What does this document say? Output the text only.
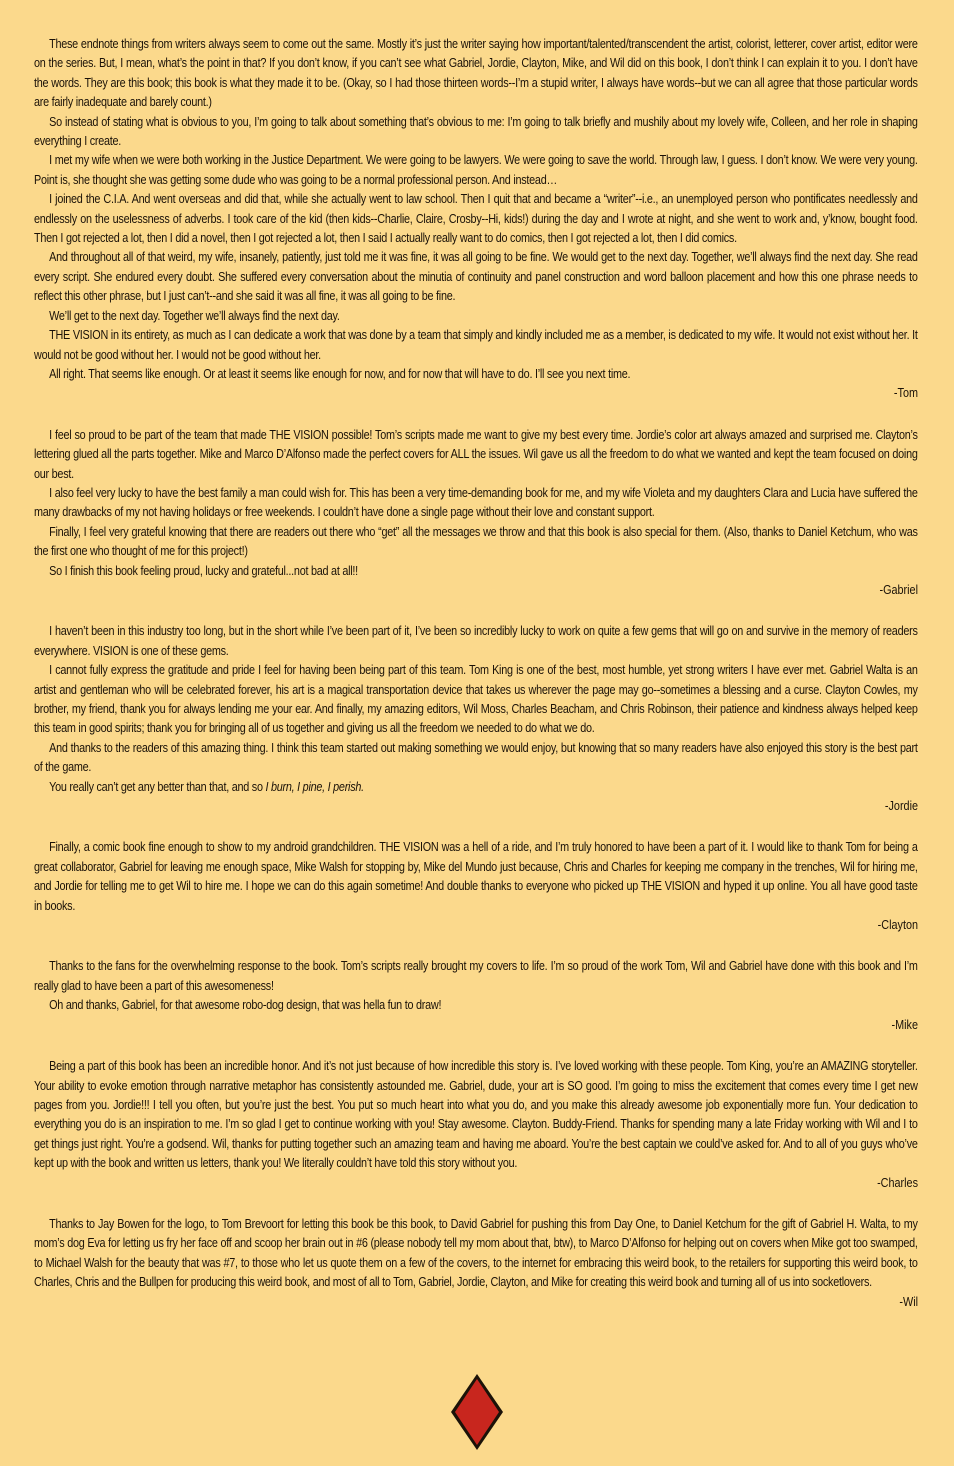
These endnote things from writers always seem to come out the same. Mostly it’s just the writer saying how important/talented/transcendent the artist, colorist, letterer, cover artist, editor were on the series. But, I mean, what’s the point in that? If you don’t know, if you can’t see what Gabriel, Jordie, Clayton, Mike, and Wil did on this book, I don’t think I can explain it to you. I don’t have the words. They are this book; this book is what they made it to be. (Okay, so I had those thirteen words--I’m a stupid writer, I always have words--but we can all agree that those particular words are fairly inadequate and barely count.)

So instead of stating what is obvious to you, I’m going to talk about something that’s obvious to me: I’m going to talk briefly and mushily about my lovely wife, Colleen, and her role in shaping everything I create.

I met my wife when we were both working in the Justice Department. We were going to be lawyers. We were going to save the world. Through law, I guess. I don’t know. We were very young. Point is, she thought she was getting some dude who was going to be a normal professional person. And instead…

I joined the C.I.A. And went overseas and did that, while she actually went to law school. Then I quit that and became a “writer”--i.e., an unemployed person who pontificates needlessly and endlessly on the uselessness of adverbs. I took care of the kid (then kids--Charlie, Claire, Crosby--Hi, kids!) during the day and I wrote at night, and she went to work and, y’know, bought food. Then I got rejected a lot, then I did a novel, then I got rejected a lot, then I said I actually really want to do comics, then I got rejected a lot, then I did comics.

And throughout all of that weird, my wife, insanely, patiently, just told me it was fine, it was all going to be fine. We would get to the next day. Together, we’ll always find the next day. She read every script. She endured every doubt. She suffered every conversation about the minutia of continuity and panel construction and word balloon placement and how this one phrase needs to reflect this other phrase, but I just can’t--and she said it was all fine, it was all going to be fine.

We’ll get to the next day. Together we’ll always find the next day.

THE VISION in its entirety, as much as I can dedicate a work that was done by a team that simply and kindly included me as a member, is dedicated to my wife. It would not exist without her. It would not be good without her. I would not be good without her.

All right. That seems like enough. Or at least it seems like enough for now, and for now that will have to do. I’ll see you next time.

-Tom

I feel so proud to be part of the team that made THE VISION possible! Tom’s scripts made me want to give my best every time. Jordie’s color art always amazed and surprised me. Clayton’s lettering glued all the parts together. Mike and Marco D’Alfonso made the perfect covers for ALL the issues. Wil gave us all the freedom to do what we wanted and kept the team focused on doing our best.

I also feel very lucky to have the best family a man could wish for. This has been a very time-demanding book for me, and my wife Violeta and my daughters Clara and Lucia have suffered the many drawbacks of my not having holidays or free weekends. I couldn’t have done a single page without their love and constant support.

Finally, I feel very grateful knowing that there are readers out there who “get” all the messages we throw and that this book is also special for them. (Also, thanks to Daniel Ketchum, who was the first one who thought of me for this project!)

So I finish this book feeling proud, lucky and grateful...not bad at all!!

-Gabriel

I haven’t been in this industry too long, but in the short while I’ve been part of it, I’ve been so incredibly lucky to work on quite a few gems that will go on and survive in the memory of readers everywhere. VISION is one of these gems.

I cannot fully express the gratitude and pride I feel for having been being part of this team. Tom King is one of the best, most humble, yet strong writers I have ever met. Gabriel Walta is an artist and gentleman who will be celebrated forever, his art is a magical transportation device that takes us wherever the page may go--sometimes a blessing and a curse. Clayton Cowles, my brother, my friend, thank you for always lending me your ear. And finally, my amazing editors, Wil Moss, Charles Beacham, and Chris Robinson, their patience and kindness always helped keep this team in good spirits; thank you for bringing all of us together and giving us all the freedom we needed to do what we do.

And thanks to the readers of this amazing thing. I think this team started out making something we would enjoy, but knowing that so many readers have also enjoyed this story is the best part of the game.

You really can’t get any better than that, and so I burn, I pine, I perish.

-Jordie

Finally, a comic book fine enough to show to my android grandchildren. THE VISION was a hell of a ride, and I’m truly honored to have been a part of it. I would like to thank Tom for being a great collaborator, Gabriel for leaving me enough space, Mike Walsh for stopping by, Mike del Mundo just because, Chris and Charles for keeping me company in the trenches, Wil for hiring me, and Jordie for telling me to get Wil to hire me. I hope we can do this again sometime! And double thanks to everyone who picked up THE VISION and hyped it up online. You all have good taste in books.

-Clayton

Thanks to the fans for the overwhelming response to the book. Tom’s scripts really brought my covers to life. I’m so proud of the work Tom, Wil and Gabriel have done with this book and I’m really glad to have been a part of this awesomeness!

Oh and thanks, Gabriel, for that awesome robo-dog design, that was hella fun to draw!

-Mike

Being a part of this book has been an incredible honor. And it’s not just because of how incredible this story is. I’ve loved working with these people. Tom King, you’re an AMAZING storyteller. Your ability to evoke emotion through narrative metaphor has consistently astounded me. Gabriel, dude, your art is SO good. I’m going to miss the excitement that comes every time I get new pages from you. Jordie!!! I tell you often, but you’re just the best. You put so much heart into what you do, and you make this already awesome job exponentially more fun. Your dedication to everything you do is an inspiration to me. I’m so glad I get to continue working with you! Stay awesome. Clayton. Buddy-Friend. Thanks for spending many a late Friday working with Wil and I to get things just right. You’re a godsend. Wil, thanks for putting together such an amazing team and having me aboard. You’re the best captain we could’ve asked for. And to all of you guys who’ve kept up with the book and written us letters, thank you! We literally couldn’t have told this story without you.

-Charles

Thanks to Jay Bowen for the logo, to Tom Brevoort for letting this book be this book, to David Gabriel for pushing this from Day One, to Daniel Ketchum for the gift of Gabriel H. Walta, to my mom’s dog Eva for letting us fry her face off and scoop her brain out in #6 (please nobody tell my mom about that, btw), to Marco D’Alfonso for helping out on covers when Mike got too swamped, to Michael Walsh for the beauty that was #7, to those who let us quote them on a few of the covers, to the internet for embracing this weird book, to the retailers for supporting this weird book, to Charles, Chris and the Bullpen for producing this weird book, and most of all to Tom, Gabriel, Jordie, Clayton, and Mike for creating this weird book and turning all of us into socketlovers.

-Wil
